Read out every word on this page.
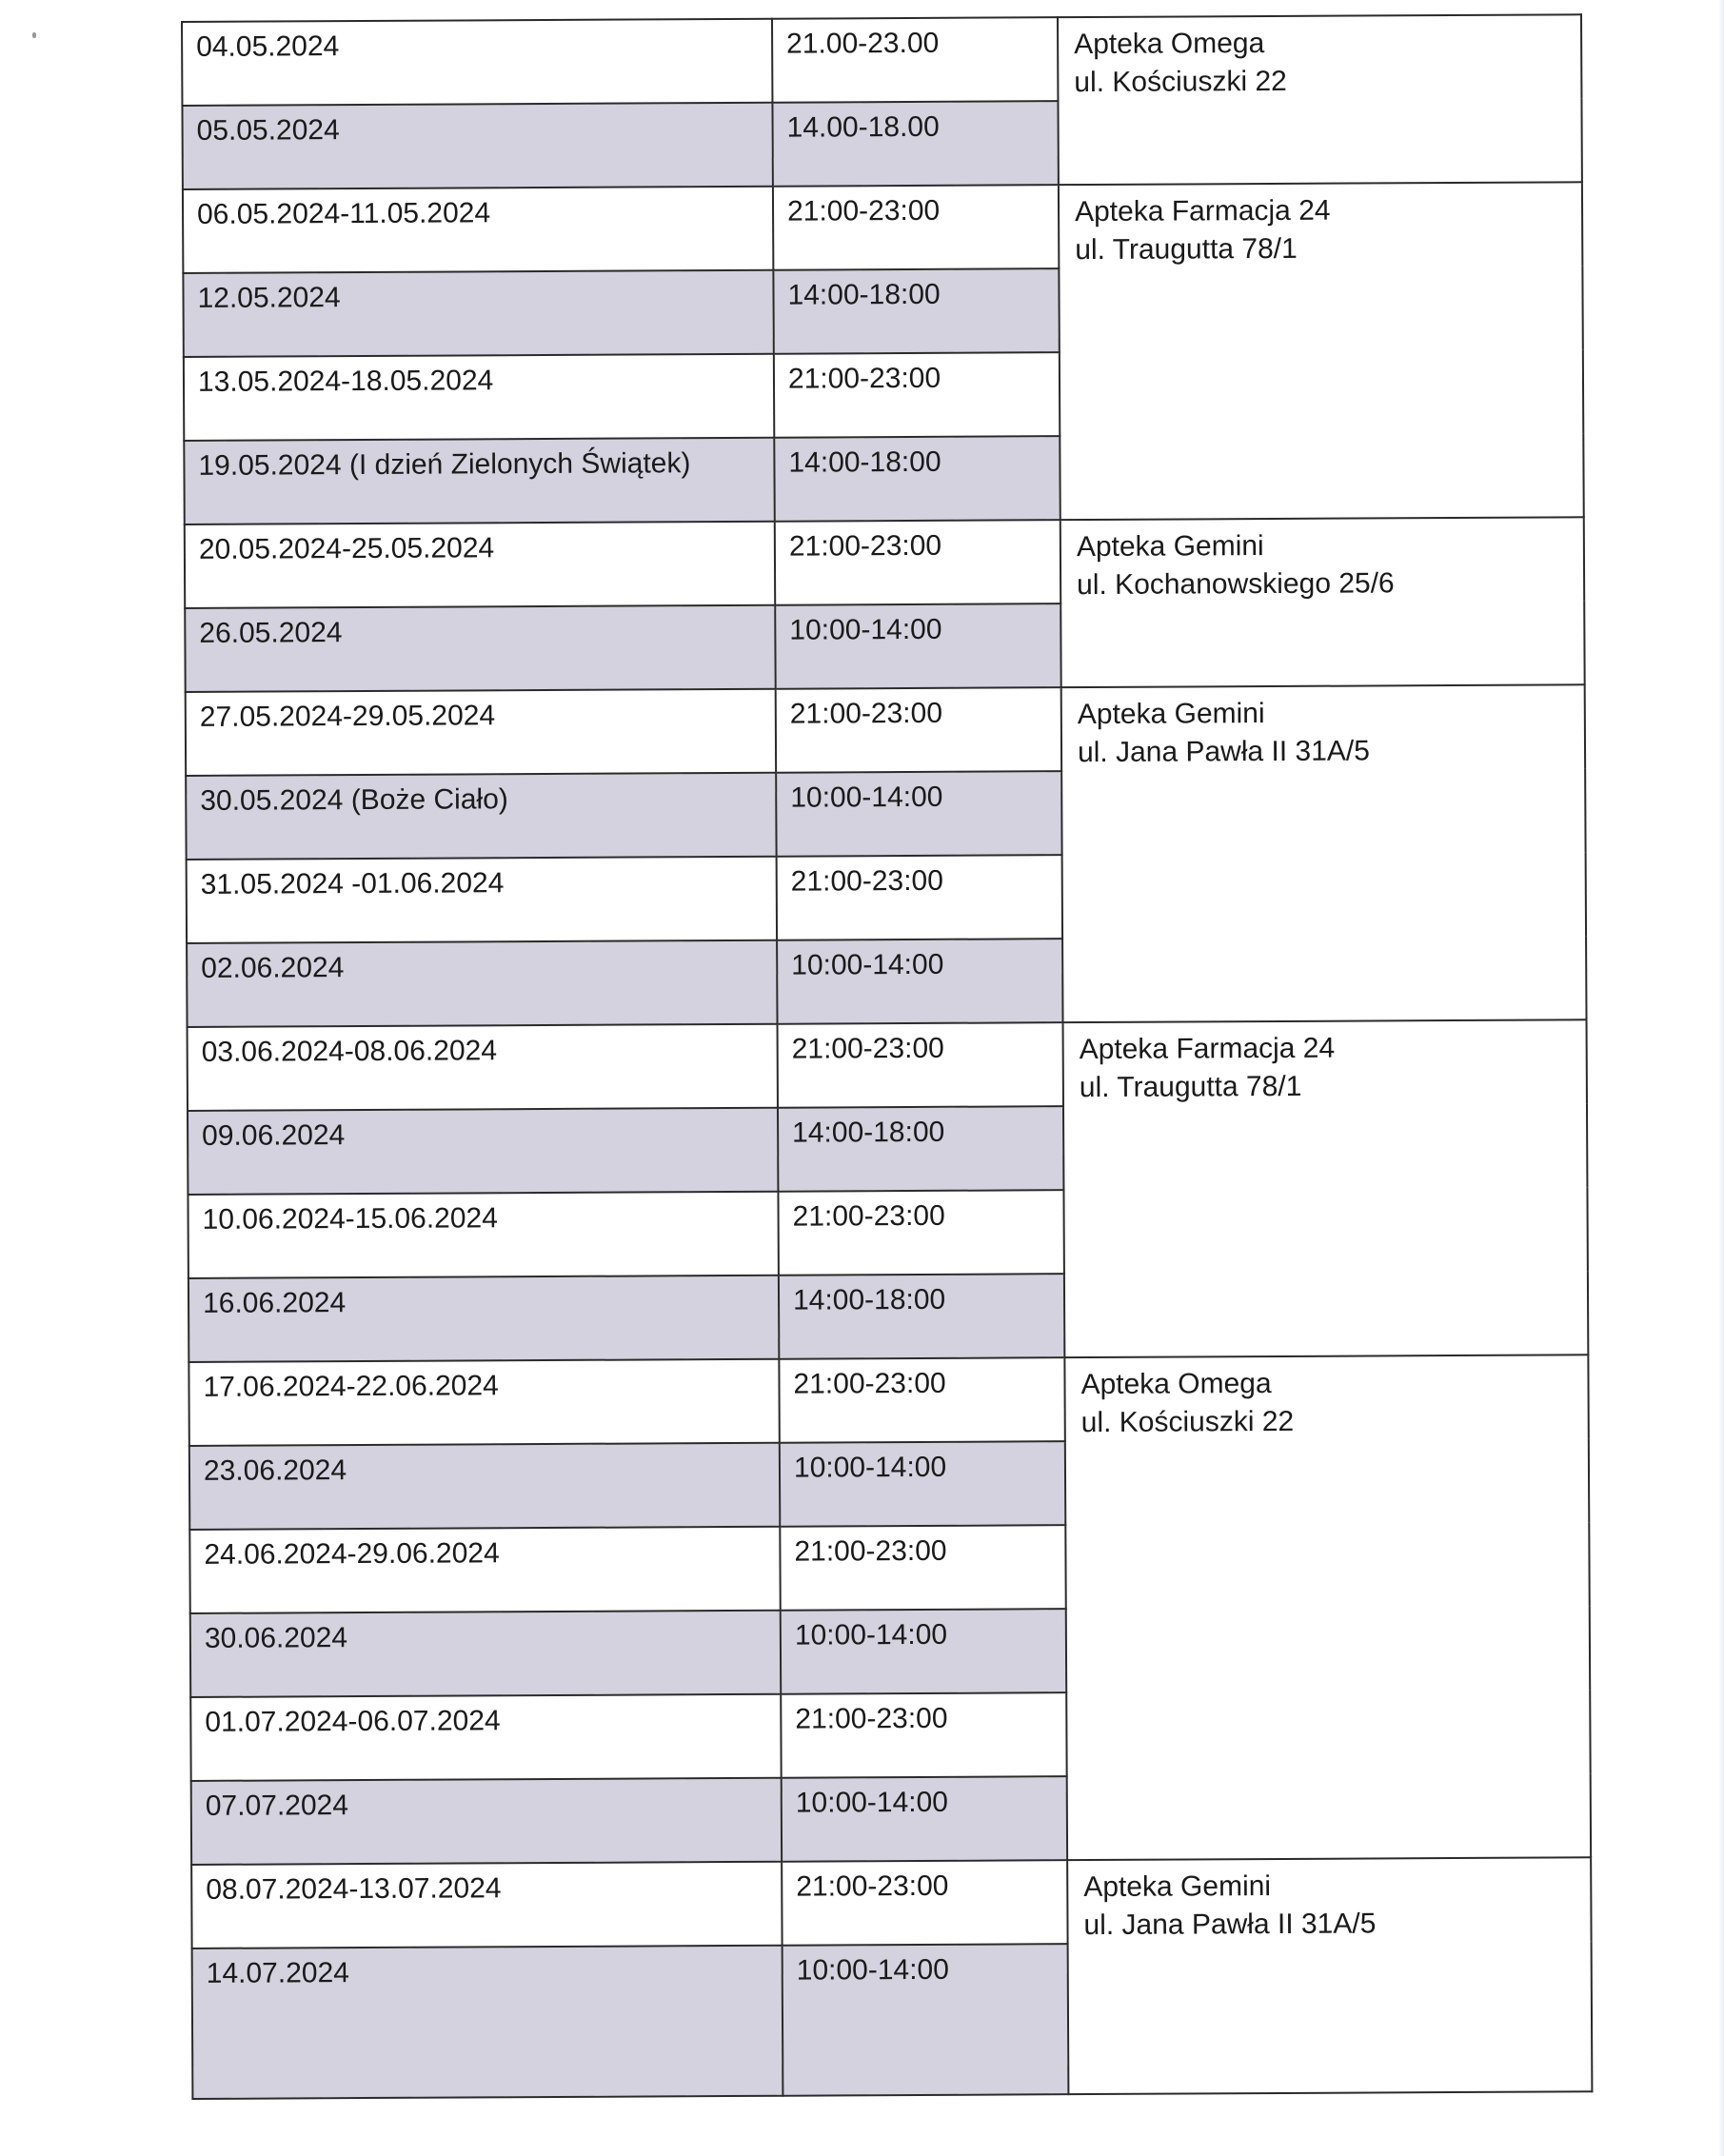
04.05.2024	21.00-23.00	Apteka Omega
ul. Kościuszki 22

05.05.2024	14.00-18.00	
06.05.2024-11.05.2024	21:00-23:00	Apteka Farmacja 24
ul. Traugutta 78/1

12.05.2024	14:00-18:00	
13.05.2024-18.05.2024	21:00-23:00	
19.05.2024 (I dzień Zielonych Świątek)	14:00-18:00	
20.05.2024-25.05.2024	21:00-23:00	Apteka Gemini
ul. Kochanowskiego 25/6

26.05.2024	10:00-14:00	
27.05.2024-29.05.2024	21:00-23:00	Apteka Gemini
ul. Jana Pawła II 31A/5

30.05.2024 (Boże Ciało)	10:00-14:00	
31.05.2024 -01.06.2024	21:00-23:00	
02.06.2024	10:00-14:00	
03.06.2024-08.06.2024	21:00-23:00	Apteka Farmacja 24
ul. Traugutta 78/1

09.06.2024	14:00-18:00	
10.06.2024-15.06.2024	21:00-23:00	
16.06.2024	14:00-18:00	
17.06.2024-22.06.2024	21:00-23:00	Apteka Omega
ul. Kościuszki 22

23.06.2024	10:00-14:00	
24.06.2024-29.06.2024	21:00-23:00	
30.06.2024	10:00-14:00	
01.07.2024-06.07.2024	21:00-23:00	
07.07.2024	10:00-14:00	
08.07.2024-13.07.2024	21:00-23:00	Apteka Gemini
ul. Jana Pawła II 31A/5

14.07.2024	10:00-14:00	
